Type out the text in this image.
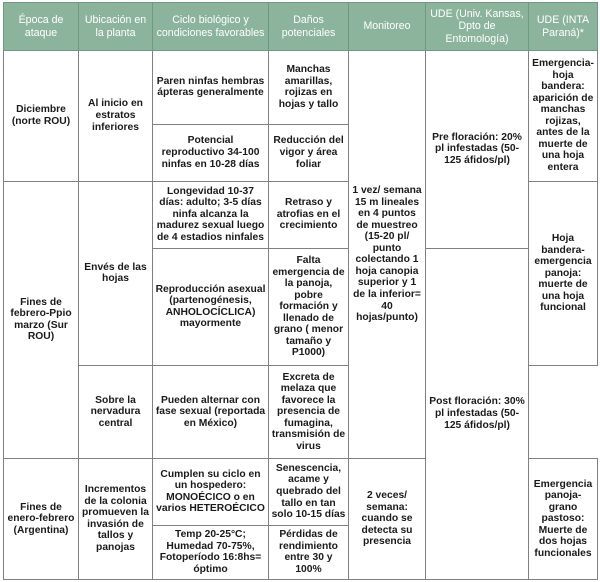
Época de ataque	Ubicación en la planta	Ciclo biológico y condiciones favorables	Daños potenciales	Monitoreo	UDE (Univ. Kansas, Dpto de Entomología)	UDE (INTA Paraná)*
Diciembre (norte ROU)	Al inicio en estratos inferiores	Paren ninfas hembras ápteras generalmente	Manchas amarillas, rojizas en hojas y tallo	1 vez/ semana 15 m lineales en 4 puntos de muestreo (15-20 pl/ punto colectando 1 hoja canopia superior y 1 de la inferior= 40 hojas/punto)	Pre floración: 20% pl infestadas (50-125 áfidos/pl)	Emergencia-hoja bandera: aparición de manchas rojizas, antes de la muerte de una hoja entera
		Potencial reproductivo 34-100 ninfas en 10-28 días	Reducción del vigor y área foliar			
Fines de febrero-Ppio marzo (Sur ROU)	Envés de las hojas	Longevidad 10-37 días: adulto; 3-5 días ninfa alcanza la madurez sexual luego de 4 estadios ninfales	Retraso y atrofias en el crecimiento			Hoja bandera-emergencia panoja: muerte de una hoja funcional
		Reproducción asexual (partenogénesis, ANHOLOCÍCLICA) mayormente	Falta emergencia de la panoja, pobre formación y llenado de grano ( menor tamaño y P1000)		Post floración: 30% pl infestadas (50-125 áfidos/pl)	
	Sobre la nervadura central	Pueden alternar con fase sexual (reportada en México)	Excreta de melaza que favorece la presencia de fumagina, transmisión de virus			
Fines de enero-febrero (Argentina)	Incrementos de la colonia promueven la invasión de tallos y panojas	Cumplen su ciclo en un hospedero: MONOÉCICO o en varios HETEROÉCICO	Senescencia, acame y quebrado del tallo en tan solo 10-15 días	2 veces/ semana: cuando se detecta su presencia		Emergencia panoja-grano pastoso: Muerte de dos hojas funcionales
		Temp 20-25°C; Humedad 70-75%, Fotoperíodo 16:8hs= óptimo	Pérdidas de rendimiento entre 30 y 100%			
